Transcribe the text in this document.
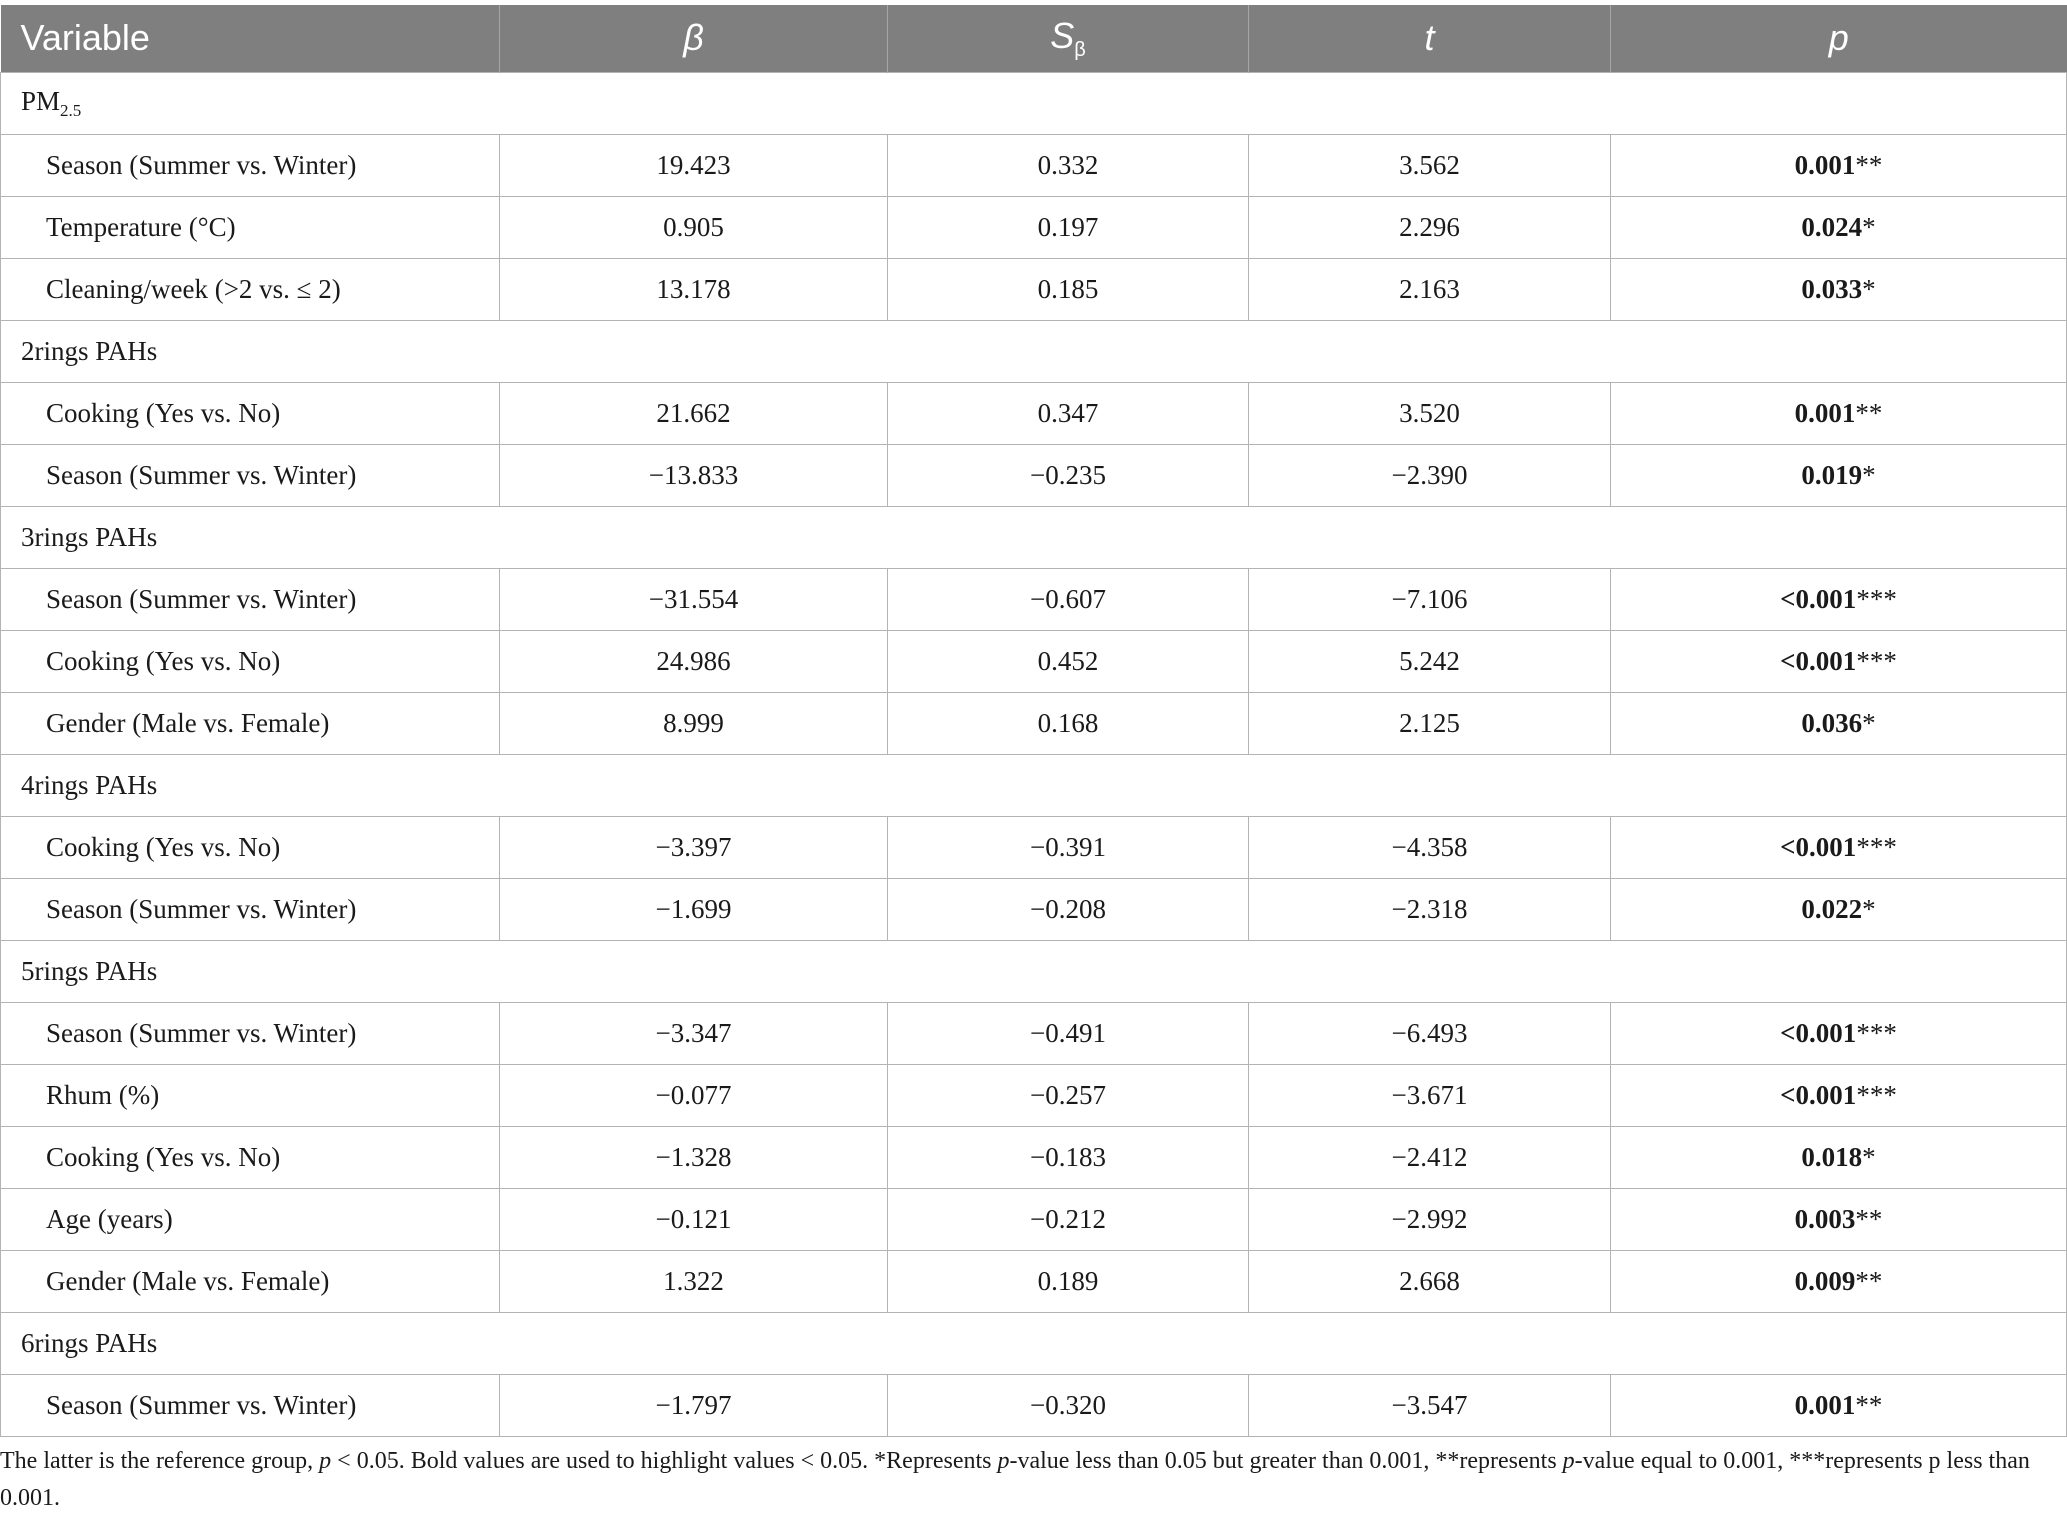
Variable	β	$S_\beta$	t	p
$PM_{2.5}$
Season (Summer vs. Winter)	19.423	0.332	3.562	0.001**
Temperature (°C)	0.905	0.197	2.296	0.024*
Cleaning/week (>2 vs. ≤ 2)	13.178	0.185	2.163	0.033*
2rings PAHs				
Cooking (Yes vs. No)	21.662	0.347	3.520	0.001**
Season (Summer vs. Winter)	−13.833	−0.235	−2.390	0.019*
3rings PAHs				
Season (Summer vs. Winter)	−31.554	−0.607	−7.106	<0.001***
Cooking (Yes vs. No)	24.986	0.452	5.242	<0.001***
Gender (Male vs. Female)	8.999	0.168	2.125	0.036*
4rings PAHs				
Cooking (Yes vs. No)	−3.397	−0.391	−4.358	<0.001***
Season (Summer vs. Winter)	−1.699	−0.208	−2.318	0.022*
5rings PAHs				
Season (Summer vs. Winter)	−3.347	−0.491	−6.493	<0.001***
Rhum (%)	−0.077	−0.257	−3.671	<0.001***
Cooking (Yes vs. No)	−1.328	−0.183	−2.412	0.018*
Age (years)	−0.121	−0.212	−2.992	0.003**
Gender (Male vs. Female)	1.322	0.189	2.668	0.009**
6rings PAHs				
Season (Summer vs. Winter)	−1.797	−0.320	−3.547	0.001**

The latter is the reference group, p < 0.05. Bold values are used to highlight values < 0.05. *Represents p-value less than 0.05 but greater than 0.001, **represents p-value equal to 0.001, ***represents p less than 0.001.
